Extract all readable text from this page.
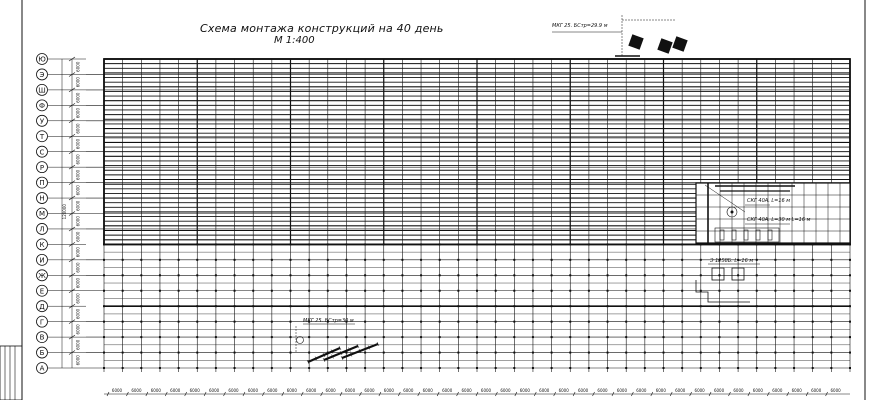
Ю
Э
Ш
Ф
У
Т
С
Р
П
Н
М
Л
К
И
Ж
Е
Д
Г
В
Б
А
6000
6000
6000
6000
6000
6000
6000
6000
6000
6000
6000
6000
6000
6000
6000
6000
6000
6000
6000
6000
120000
6000 6000 6000 6000 6000 6000 6000 6000 6000 6000 6000 6000 6000 6000 6000 6000 6000 6000 6000 6000 6000 6000 6000 6000 6000 6000 6000 6000 6000 6000 6000 6000 6000 6000 6000 6000 6000 6000
Схема монтажа конструкций на 40 день
М 1:400
МКГ 25. БСтр=29.9 м
СКГ 40А. L=16 м
СКГ 40А. L=30 м L=16 м
Э 1258Б. L=16 м
МКГ 25. БСтр=30 м
